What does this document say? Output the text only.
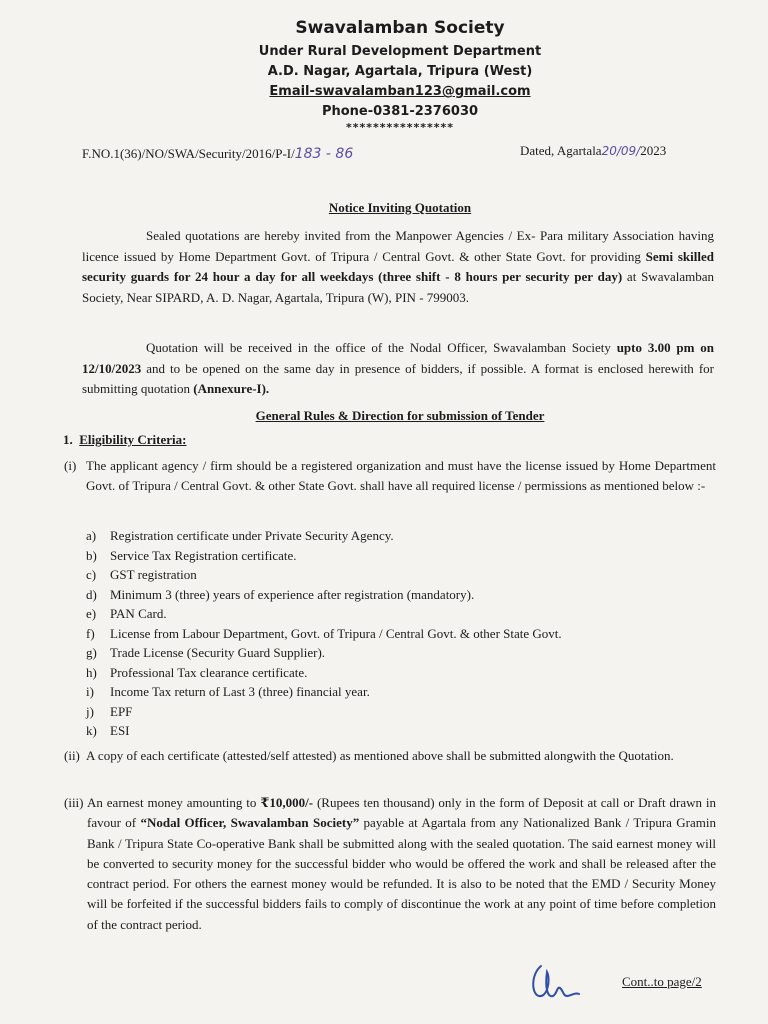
Swavalamban Society
Under Rural Development Department
A.D. Nagar, Agartala, Tripura (West)
Email-swavalamban123@gmail.com
Phone-0381-2376030
****************
F.NO.1(36)/NO/SWA/Security/2016/P-I/183 - 86	Dated, Agartala20/09/2023
Notice Inviting Quotation
Sealed quotations are hereby invited from the Manpower Agencies / Ex- Para military Association having licence issued by Home Department Govt. of Tripura / Central Govt. & other State Govt. for providing Semi skilled security guards for 24 hour a day for all weekdays (three shift - 8 hours per security per day) at Swavalamban Society, Near SIPARD, A. D. Nagar, Agartala, Tripura (W), PIN - 799003.
Quotation will be received in the office of the Nodal Officer, Swavalamban Society upto 3.00 pm on 12/10/2023 and to be opened on the same day in presence of bidders, if possible. A format is enclosed herewith for submitting quotation (Annexure-I).
General Rules & Direction for submission of Tender
1. Eligibility Criteria:
(i) The applicant agency / firm should be a registered organization and must have the license issued by Home Department Govt. of Tripura / Central Govt. & other State Govt. shall have all required license / permissions as mentioned below :-
a) Registration certificate under Private Security Agency.
b) Service Tax Registration certificate.
c) GST registration
d) Minimum 3 (three) years of experience after registration (mandatory).
e) PAN Card.
f) License from Labour Department, Govt. of Tripura / Central Govt. & other State Govt.
g) Trade License (Security Guard Supplier).
h) Professional Tax clearance certificate.
i) Income Tax return of Last 3 (three) financial year.
j) EPF
k) ESI
(ii) A copy of each certificate (attested/self attested) as mentioned above shall be submitted alongwith the Quotation.
(iii) An earnest money amounting to ₹10,000/- (Rupees ten thousand) only in the form of Deposit at call or Draft drawn in favour of “Nodal Officer, Swavalamban Society” payable at Agartala from any Nationalized Bank / Tripura Gramin Bank / Tripura State Co-operative Bank shall be submitted along with the sealed quotation. The said earnest money will be converted to security money for the successful bidder who would be offered the work and shall be released after the contract period. For others the earnest money would be refunded. It is also to be noted that the EMD / Security Money will be forfeited if the successful bidders fails to comply of discontinue the work at any point of time before completion of the contract period.
Cont..to page/2
